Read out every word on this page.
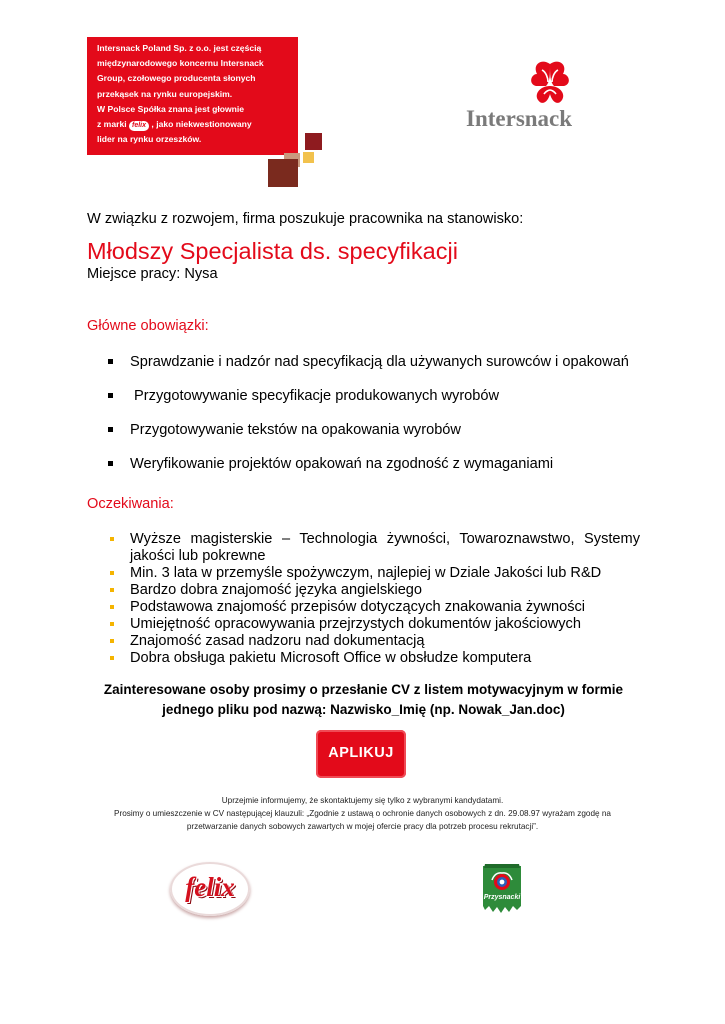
Intersnack Poland Sp. z o.o. jest częścią
międzynarodowego koncernu Intersnack
Group, czołowego producenta słonych
przekąsek na rynku europejskim.
W Polsce Spółka znana jest głownie
z marki felix , jako niekwestionowany
lider na rynku orzeszków.
Intersnack
W związku z rozwojem, firma poszukuje pracownika na stanowisko:
Młodszy Specjalista ds. specyfikacji
Miejsce pracy: Nysa
Główne obowiązki:
Sprawdzanie i nadzór nad specyfikacją dla używanych surowców i opakowań
Przygotowywanie specyfikacje produkowanych wyrobów
Przygotowywanie tekstów na opakowania wyrobów
Weryfikowanie projektów opakowań na zgodność z wymaganiami
Oczekiwania:
Wyższe magisterskie – Technologia żywności, Towaroznawstwo, Systemy jakości lub pokrewne
Min. 3 lata w przemyśle spożywczym, najlepiej w Dziale Jakości lub R&D
Bardzo dobra znajomość języka angielskiego
Podstawowa znajomość przepisów dotyczących znakowania żywności
Umiejętność opracowywania przejrzystych dokumentów jakościowych
Znajomość zasad nadzoru nad dokumentacją
Dobra obsługa pakietu Microsoft Office w obsłudze komputera
Zainteresowane osoby prosimy o przesłanie CV z listem motywacyjnym w formie
jednego pliku pod nazwą: Nazwisko_Imię (np. Nowak_Jan.doc)
APLIKUJ
Uprzejmie informujemy, że skontaktujemy się tylko z wybranymi kandydatami.
Prosimy o umieszczenie w CV następującej klauzuli: „Zgodnie z ustawą o ochronie danych osobowych z dn. 29.08.97 wyrażam zgodę na
przetwarzanie danych sobowych zawartych w mojej ofercie pracy dla potrzeb procesu rekrutacji”.
felix	Przysnacki
